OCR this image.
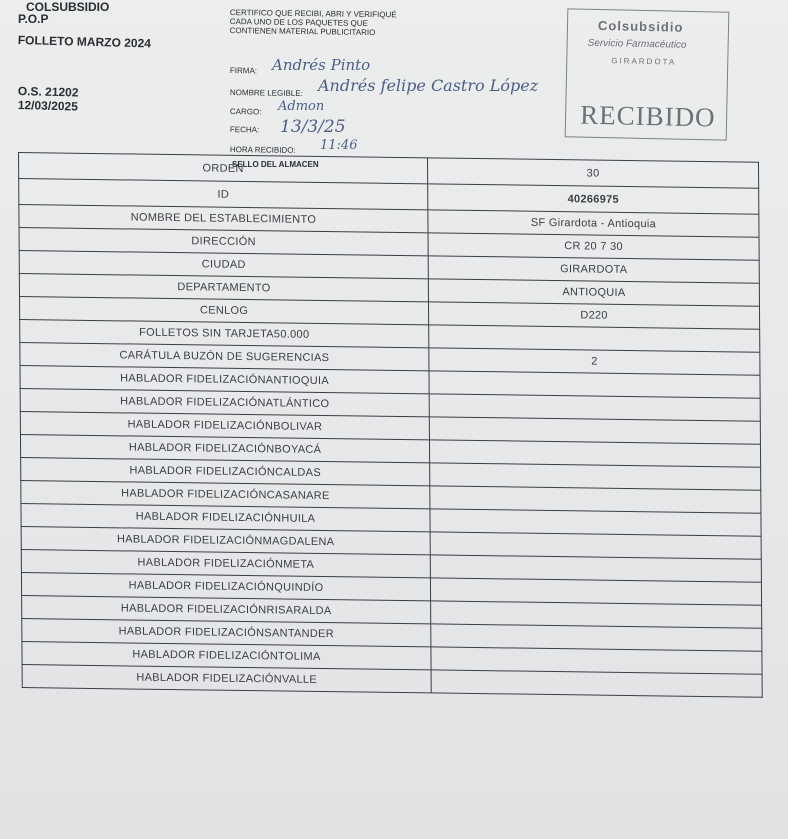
COLSUBSIDIO
P.O.P
FOLLETO MARZO 2024
O.S. 21202
12/03/2025
CERTIFICO QUE RECIBI, ABRI Y VERIFIQUÉ CADA UNO DE LOS PAQUETES QUE CONTIENEN MATERIAL PUBLICITARIO
FIRMA: Andrés Pinto
NOMBRE LEGIBLE: Andrés felipe Castro López
CARGO: Admon
FECHA: 13/3/25
HORA RECIBIDO: 11:46
Colsubsidio
Servicio Farmacéutico
GIRARDOTA
RECIBIDO
SELLO DEL ALMACEN
ORDEN	30
ID	40266975
NOMBRE DEL ESTABLECIMIENTO	SF Girardota - Antioquia
DIRECCIÓN	CR 20 7 30
CIUDAD	GIRARDOTA
DEPARTAMENTO	ANTIOQUIA
CENLOG	D220
FOLLETOS SIN TARJETA50.000	
CARÁTULA BUZÓN DE SUGERENCIAS	2
HABLADOR FIDELIZACIÓNANTIOQUIA	
HABLADOR FIDELIZACIÓNATLÁNTICO	
HABLADOR FIDELIZACIÓNBOLIVAR	
HABLADOR FIDELIZACIÓNBOYACÁ	
HABLADOR FIDELIZACIÓNCALDAS	
HABLADOR FIDELIZACIÓNCASANARE	
HABLADOR FIDELIZACIÓNHUILA	
HABLADOR FIDELIZACIÓNMAGDALENA	
HABLADOR FIDELIZACIÓNMETA	
HABLADOR FIDELIZACIÓNQUINDÍO	
HABLADOR FIDELIZACIÓNRISARALDA	
HABLADOR FIDELIZACIÓNSANTANDER	
HABLADOR FIDELIZACIÓNTOLIMA	
HABLADOR FIDELIZACIÓNVALLE	
